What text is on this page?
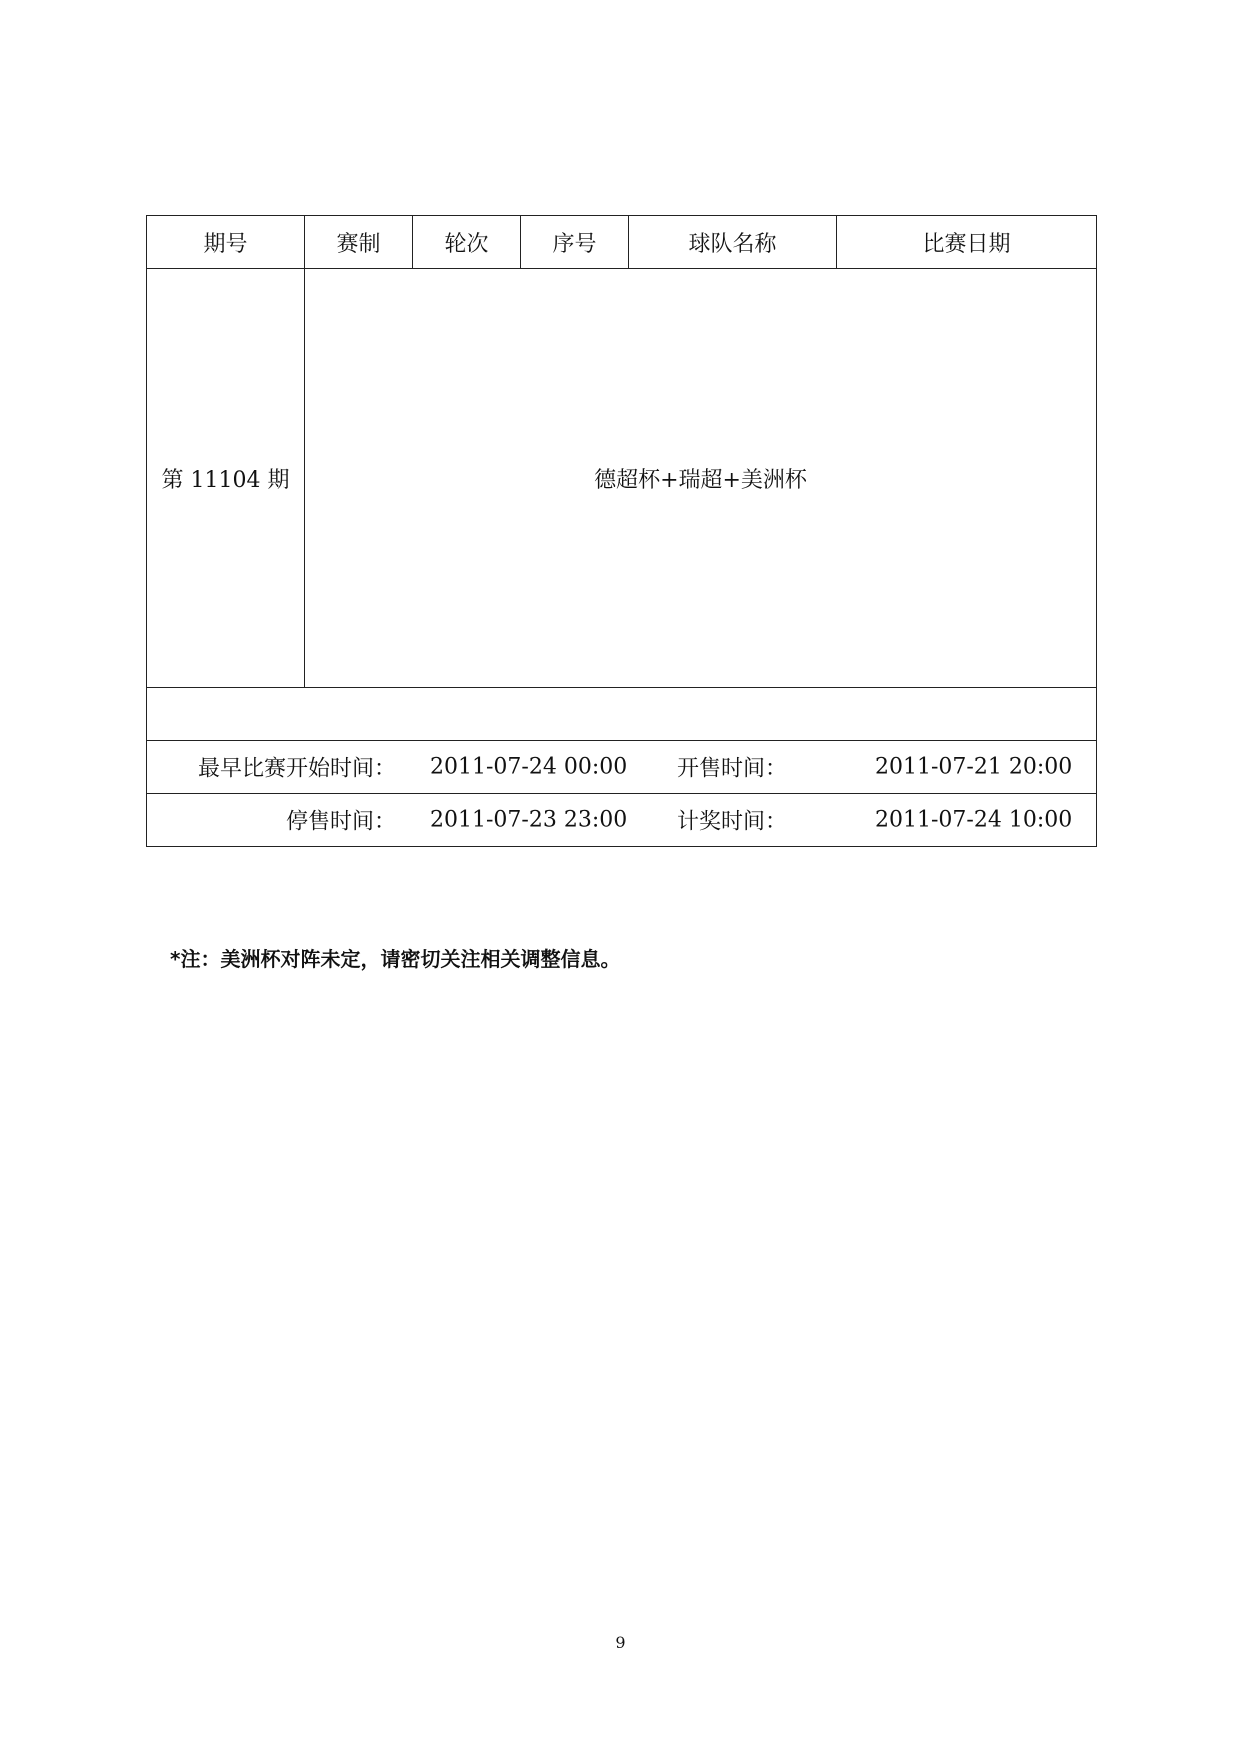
期号	赛制	轮次	序号	球队名称	比赛日期
第 11104 期	德超杯+瑞超+美洲杯				

最早比赛开始时间： 2011-07-24 00:00 开售时间： 2011-07-21 20:00					

停售时间： 2011-07-23 23:00 计奖时间： 2011-07-24 10:00					
*注：美洲杯对阵未定，请密切关注相关调整信息。
9
